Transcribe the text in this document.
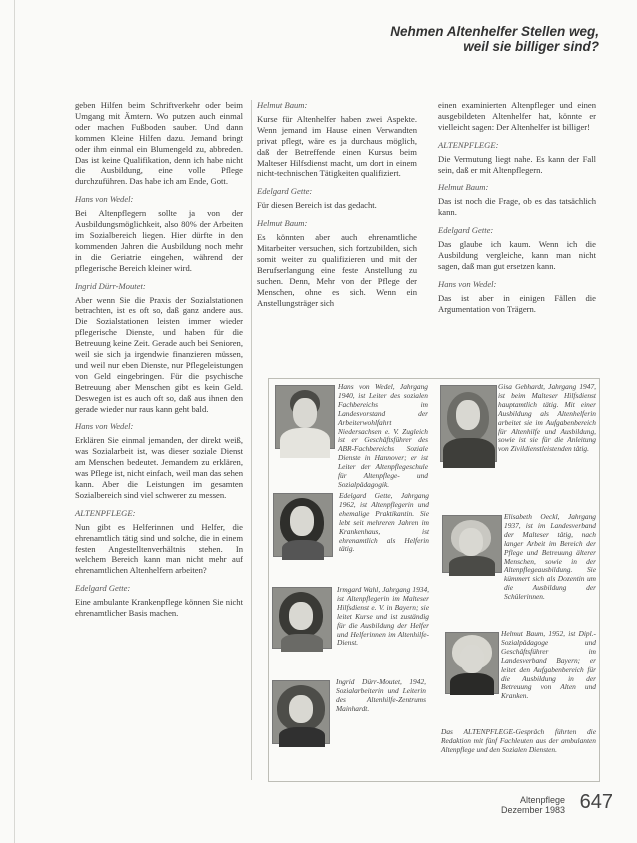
Nehmen Altenhelfer Stellen weg,
weil sie billiger sind?

geben Hilfen beim Schriftverkehr oder beim Umgang mit Ämtern. Wo putzen auch einmal oder machen Fußboden sauber. Und dann kommen Kleine Hilfen dazu. Jemand bringt oder ihm einmal ein Blumengeld zu, abbreden. Das ist keine Qualifikation, denn ich habe nicht die Ausbildung, eine volle Pflege durchzuführen. Das habe ich am Ende, Gott.

Hans von Wedel:

Bei Altenpflegern sollte ja von der Ausbildungsmöglichkeit, also 80% der Arbeiten im Sozialbereich liegen. Hier dürfte in den kommenden Jahren die Ausbildung noch mehr in die Geriatrie eingehen, während der pflegerische Bereich kleiner wird.

Ingrid Dürr-Moutet:

Aber wenn Sie die Praxis der Sozialstationen betrachten, ist es oft so, daß ganz andere aus. Die Sozialstationen leisten immer wieder pflegerische Dienste, und haben für die Betreuung keine Zeit. Gerade auch bei Senioren, weil sie sich ja irgendwie finanzieren müssen, und weil nur eben Dienste, nur Pflegeleistungen von Geld eingebringen. Für die psychische Betreuung aber Menschen gibt es kein Geld. Deswegen ist es auch oft so, daß aus ihnen den gerade wieder nur raus kann geht bald.

Hans von Wedel:

Erklären Sie einmal jemanden, der direkt weiß, was Sozialarbeit ist, was dieser soziale Dienst am Menschen bedeutet. Jemandem zu erklären, was Pflege ist, nicht einfach, weil man das sehen kann. Aber die Leistungen im gesamten Sozialbereich sind viel schwerer zu messen.

ALTENPFLEGE:

Nun gibt es Helferinnen und Helfer, die ehrenamtlich tätig sind und solche, die in einem festen Angestelltenverhältnis stehen. In welchem Bereich kann man nicht mehr auf ehrenamtlichen Altenhelfern arbeiten?

Edelgard Gette:

Eine ambulante Krankenpflege können Sie nicht ehrenamtlicher Basis machen.

Helmut Baum:

Kurse für Altenhelfer haben zwei Aspekte. Wenn jemand im Hause einen Verwandten privat pflegt, wäre es ja durchaus möglich, daß der Betreffende einen Kursus beim Malteser Hilfsdienst macht, um dort in einem nicht-technischen Tätigkeiten qualifiziert.

Edelgard Gette:

Für diesen Bereich ist das gedacht.

Helmut Baum:

Es könnten aber auch ehrenamtliche Mitarbeiter versuchen, sich fortzubilden, sich somit weiter zu qualifizieren und mit der Berufserlangung eine feste Anstellung zu suchen. Denn, Mehr von der Pflege der Menschen, ohne es sich. Wenn ein Anstellungsträger sich

einen examinierten Altenpfleger und einen ausgebildeten Altenhelfer hat, könnte er vielleicht sagen: Der Altenhelfer ist billiger!

ALTENPFLEGE:

Die Vermutung liegt nahe. Es kann der Fall sein, daß er mit Altenpflegern.

Helmut Baum:

Das ist noch die Frage, ob es das tatsächlich kann.

Edelgard Gette:

Das glaube ich kaum. Wenn ich die Ausbildung vergleiche, kann man nicht sagen, daß man gut ersetzen kann.

Hans von Wedel:

Das ist aber in einigen Fällen die Argumentation von Trägern.

Hans von Wedel, Jahrgang 1940, ist Leiter des sozialen Fachbereichs im Landesvorstand der Arbeiterwohlfahrt Niedersachsen e. V. Zugleich ist er Geschäftsführer des ABR-Fachbereichs Soziale Dienste in Hannover; er ist Leiter der Altenpflegeschule für Altenpflege- und Sozialpädagogik.
Gisa Gebhardt, Jahrgang 1947, ist beim Malteser Hilfsdienst hauptamtlich tätig. Mit einer Ausbildung als Altenhelferin arbeitet sie im Aufgabenbereich für Altenhilfe und Ausbildung, sowie ist sie für die Anleitung von Zivildienstleistenden tätig.
Edelgard Gette, Jahrgang 1962, ist Altenpflegerin und ehemalige Praktikantin. Sie lebt seit mehreren Jahren im Krankenhaus, ist ehrenamtlich als Helferin tätig.
Elisabeth Oeckl, Jahrgang 1937, ist im Landesverband der Malteser tätig, nach langer Arbeit im Bereich der Pflege und Betreuung älterer Menschen, sowie in der Altenpflegeausbildung. Sie kümmert sich als Dozentin um die Ausbildung der Schülerinnen.
Irmgard Wahl, Jahrgang 1934, ist Altenpflegerin im Malteser Hilfsdienst e. V. in Bayern; sie leitet Kurse und ist zuständig für die Ausbildung der Helfer und Helferinnen im Altenhilfe-Dienst.
Ingrid Dürr-Moutet, 1942, Sozialarbeiterin und Leiterin des Altenhilfe-Zentrums Mainhardt.
Helmut Baum, 1952, ist Dipl.-Sozialpädagoge und Geschäftsführer im Landesverband Bayern; er leitet den Aufgabenbereich für die Ausbildung in der Betreuung von Alten und Kranken.
Das ALTENPFLEGE-Gespräch führten die Redaktion mit fünf Fachleuten aus der ambulanten Altenpflege und den Sozialen Diensten.
Altenpflege
Dezember 1983 647
